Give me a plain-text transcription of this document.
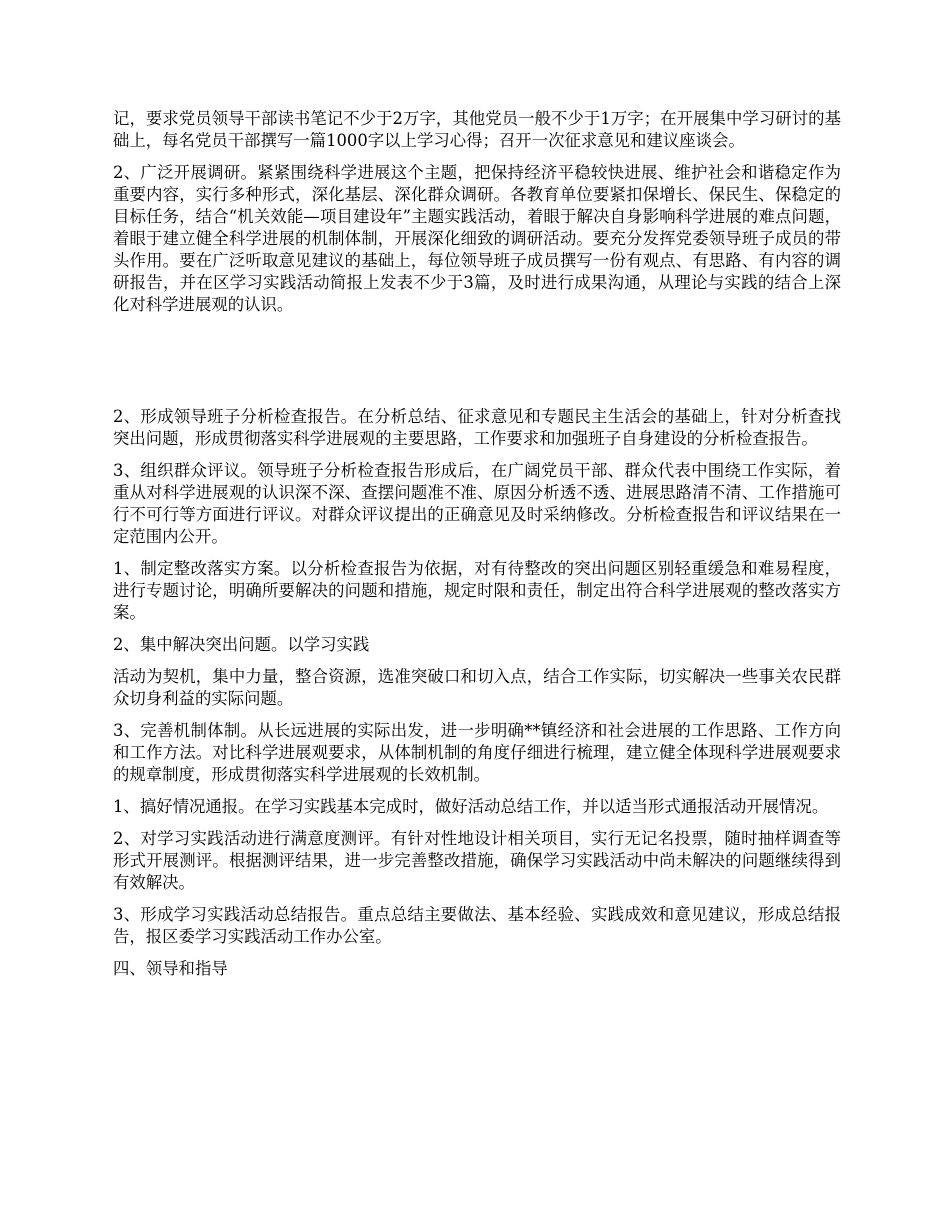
记，要求党员领导干部读书笔记不少于2万字，其他党员一般不少于1万字；在开展集中学习研讨的基础上，每名党员干部撰写一篇1000字以上学习心得；召开一次征求意见和建议座谈会。

2、广泛开展调研。紧紧围绕科学进展这个主题，把保持经济平稳较快进展、维护社会和谐稳定作为重要内容，实行多种形式，深化基层、深化群众调研。各教育单位要紧扣保增长、保民生、保稳定的目标任务，结合“机关效能—项目建设年”主题实践活动，着眼于解决自身影响科学进展的难点问题，着眼于建立健全科学进展的机制体制，开展深化细致的调研活动。要充分发挥党委领导班子成员的带头作用。要在广泛听取意见建议的基础上，每位领导班子成员撰写一份有观点、有思路、有内容的调研报告，并在区学习实践活动简报上发表不少于3篇，及时进行成果沟通，从理论与实践的结合上深化对科学进展观的认识。

2、形成领导班子分析检查报告。在分析总结、征求意见和专题民主生活会的基础上，针对分析查找突出问题，形成贯彻落实科学进展观的主要思路，工作要求和加强班子自身建设的分析检查报告。

3、组织群众评议。领导班子分析检查报告形成后，在广阔党员干部、群众代表中围绕工作实际，着重从对科学进展观的认识深不深、查摆问题准不准、原因分析透不透、进展思路清不清、工作措施可行不可行等方面进行评议。对群众评议提出的正确意见及时采纳修改。分析检查报告和评议结果在一定范围内公开。

1、制定整改落实方案。以分析检查报告为依据，对有待整改的突出问题区别轻重缓急和难易程度，进行专题讨论，明确所要解决的问题和措施，规定时限和责任，制定出符合科学进展观的整改落实方案。

2、集中解决突出问题。以学习实践

活动为契机，集中力量，整合资源，选准突破口和切入点，结合工作实际，切实解决一些事关农民群众切身利益的实际问题。

3、完善机制体制。从长远进展的实际出发，进一步明确**镇经济和社会进展的工作思路、工作方向和工作方法。对比科学进展观要求，从体制机制的角度仔细进行梳理，建立健全体现科学进展观要求的规章制度，形成贯彻落实科学进展观的长效机制。

1、搞好情况通报。在学习实践基本完成时，做好活动总结工作，并以适当形式通报活动开展情况。

2、对学习实践活动进行满意度测评。有针对性地设计相关项目，实行无记名投票，随时抽样调查等形式开展测评。根据测评结果，进一步完善整改措施，确保学习实践活动中尚未解决的问题继续得到有效解决。

3、形成学习实践活动总结报告。重点总结主要做法、基本经验、实践成效和意见建议，形成总结报告，报区委学习实践活动工作办公室。

四、领导和指导
